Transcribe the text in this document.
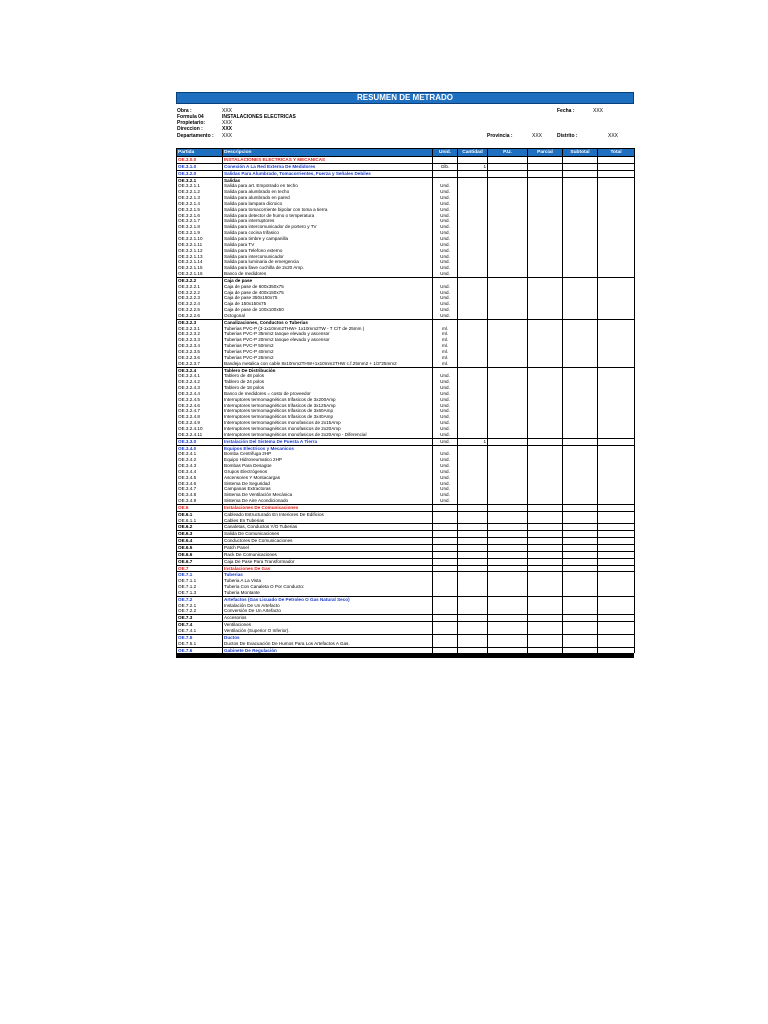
RESUMEN DE METRADO
Obra :	XXX	Fecha :	XXX
Formula 04	INSTALACIONES ELECTRICAS
Propietario:	XXX
Direccion :	XXX
Departamento : XXX	Provincia :	XXX	Distrito :	XXX
Partida	Descripcion	Unid.	Cantidad	P.U.	Parcial	Subtotal	Total
OE.3.0.0	INSTALACIONES ELECTRICAS Y MECANICAS						
OE.3.1.0	Conexión A La Red Externa De Medidores	Glb.	1				
OE.3.2.0	Salidas Para Alumbrado, Tomacorrientes, Fuerza y Señales Debiles						
OE.3.2.1	Salidas						
OE.3.2.1.1	Salida para art. Empotrado en techo	Und.					
OE.3.2.1.2	Salida para alumbrado en techo	Und.					
OE.3.2.1.3	Salida para alumbrado en pared	Und.					
OE.3.2.1.4	Salida para lampara dicroico	Und.					
OE.3.2.1.5	Salida para tomacorriente bipolar con toma a tierra	Und.					
OE.3.2.1.6	Salida para detector de humo o temperatura	Und.					
OE.3.2.1.7	Salida para interruptores	Und.					
OE.3.2.1.8	Salida para intercomunicador de portero y TV	Und.					
OE.3.2.1.9	Salida para cocina trifasico	Und.					
OE.3.2.1.10	Salida para timbre y campanilla	Und.					
OE.3.2.1.11	Salida para TV	Und.					
OE.3.2.1.12	Salida para Telefono externo	Und.					
OE.3.2.1.13	Salida para intercomunicador	Und.					
OE.3.2.1.14	Salida para luminaria de emergencia	Und.					
OE.3.2.1.15	Salida para llave cuchilla de 2x20 Amp.	Und.					
OE.3.2.1.16	Banco de medidores	Und.					
OE.3.2.2	Caja de pase						
OE.3.2.2.1	Caja de pase de 600x350x75	Und.					
OE.3.2.2.2	Caja de pase de 400x150x75	Und.					
OE.3.2.2.3	Caja de pase 350x150x75	Und.					
OE.3.2.2.4	Caja de 150x150x75	Und.					
OE.3.2.2.5	Caja de pase de 100x100x50	Und.					
OE.3.2.2.6	Octogonal	Und.					
OE.3.2.3	Canalizaciones, Conductos o Tuberias						
OE.3.2.3.1	Tuberias PVC-P (3-1x10mm2THW+ 1x10mm2TW - T C/T de 25mm )	ml.					
OE.3.2.3.2	Tuberias PVC-P 35mm2 tanque elevado y ascensor	ml.					
OE.3.2.3.3	Tuberias PVC-P 20mm2 tanque elevado y ascensor	ml.					
OE.3.2.3.4	Tuberias PVC-P 50mm2	ml.					
OE.3.2.3.5	Tuberias PVC-P 40mm2	ml.					
OE.3.2.3.6	Tuberias PVC-P 25mm2	ml.					
OE.3.2.3.7	Bandeja metalica con cable 8x10mm2THW+1x10mm2THW c.f.25mm2 + 1/3"25mm2	ml.					
OE.3.2.4	Tablero De Distribución						
OE.3.2.4.1	Tablero de 48 polos	Und.					
OE.3.2.4.2	Tablero de 24 polos	Und.					
OE.3.2.4.3	Tablero de 18 polos	Und.					
OE.3.2.4.4	Banco de medidores = costo de proveedor	Und.					
OE.3.2.4.5	Interruptores termomagnéticos trifasicos de 3x200Amp	Und.					
OE.3.2.4.6	Interruptores termomagnéticos trifasicos de 3x125Amp	Und.					
OE.3.2.4.7	Interruptores termomagnéticos trifasicos de 3x60Amp	Und.					
OE.3.2.4.8	Interruptores termomagnéticos trifasicos de 3x40Amp	Und.					
OE.3.2.4.9	Interruptores termomagnéticos monofasicos de 2x15Amp	Und.					
OE.3.2.4.10	Interruptores termomagnéticos monofasicos de 2x20Amp	Und.					
OE.3.2.4.11	Interruptores termomagnéticos monofasicos de 2x20Amp - Diferencial	Und.					
OE.3.3.0	Instalación Del Sistema De Puesta A Tierra	Und.	1				
OE.3.4.0	Equipos Electricos y Mecanicos						
OE.3.4.1	Bomba Centrifuga 2HP	Und.					
OE.3.4.2	Equipo Hidroneumatico 2HP	Und.					
OE.3.4.3	Bombas Para Desagüe	Und.					
OE.3.4.4	Grupos Electrógenos	Und.					
OE.3.4.5	Ascensores Y Montacargas	Und.					
OE.3.4.6	Sistema De Seguridad	Und.					
OE.3.4.7	Campanas Extractoras	Und.					
OE.3.4.8	Sistema De Ventilación Mecánica	Und.					
OE.3.4.9	Sistema De Aire Acondicionado	Und.					
OE.6	Instalaciones De Comunicaciones						
OE.6.1	Cableado Estructurado En Interiores De Edificios						
OE.6.1.1	Cables En Tuberias						
OE.6.2	Canaletas, Conductos Y/O Tuberias						
OE.6.3	Salida De Comunicaciones						
OE.6.4	Conductores De Comunicaciones						
OE.6.5	Patch Panel						
OE.6.6	Rack De Comunicaciones						
OE.6.7	Caja De Pase Para Transformador						
OE.7	Instalaciones De Gas						
OE.7.1	Tuberias						
OE.7.1.1	Tuberia A La Vista						
OE.7.1.2	Tuberia Con Canaleta O Por Conducto:						
OE.7.1.3	Tuberia Montante						
OE.7.2	Artefactos (Gas Licuado De Petroleo O Gas Natural Seco)						
OE.7.2.1	Instalación De Un Artefacto						
OE.7.2.2	Conversión De Un Artefacto						
OE.7.3	Accesorios						
OE.7.4	Ventilaciones						
OE.7.4.1	Ventilación (Superior O Inferior).						
OE.7.5	Ductos						
OE.7.5.1	Ductos De Evacuación De Humos Para Los Artefactos A Gas.						
OE.7.6	Gabinete De Regulación						
